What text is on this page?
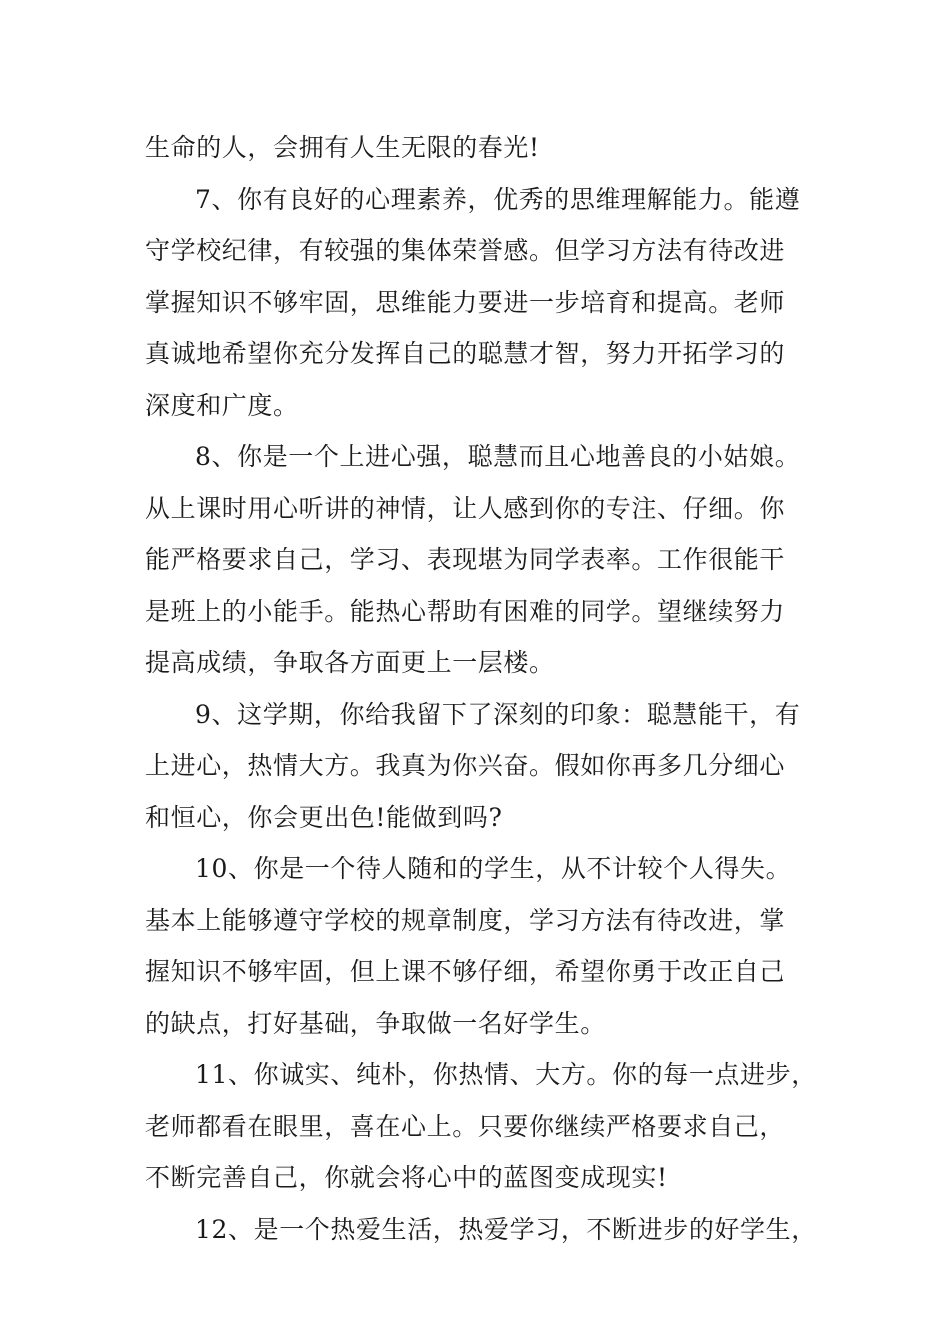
生命的人，会拥有人生无限的春光!
7、你有良好的心理素养，优秀的思维理解能力。能遵
守学校纪律，有较强的集体荣誉感。但学习方法有待改进
掌握知识不够牢固，思维能力要进一步培育和提高。老师
真诚地希望你充分发挥自己的聪慧才智，努力开拓学习的
深度和广度。
8、你是一个上进心强，聪慧而且心地善良的小姑娘。
从上课时用心听讲的神情，让人感到你的专注、仔细。你
能严格要求自己，学习、表现堪为同学表率。工作很能干
是班上的小能手。能热心帮助有困难的同学。望继续努力
提高成绩，争取各方面更上一层楼。
9、这学期，你给我留下了深刻的印象：聪慧能干，有
上进心，热情大方。我真为你兴奋。假如你再多几分细心
和恒心，你会更出色!能做到吗?
10、你是一个待人随和的学生，从不计较个人得失。
基本上能够遵守学校的规章制度，学习方法有待改进，掌
握知识不够牢固，但上课不够仔细，希望你勇于改正自己
的缺点，打好基础，争取做一名好学生。
11、你诚实、纯朴，你热情、大方。你的每一点进步，
老师都看在眼里，喜在心上。只要你继续严格要求自己，
不断完善自己，你就会将心中的蓝图变成现实!
12、是一个热爱生活，热爱学习，不断进步的好学生，
